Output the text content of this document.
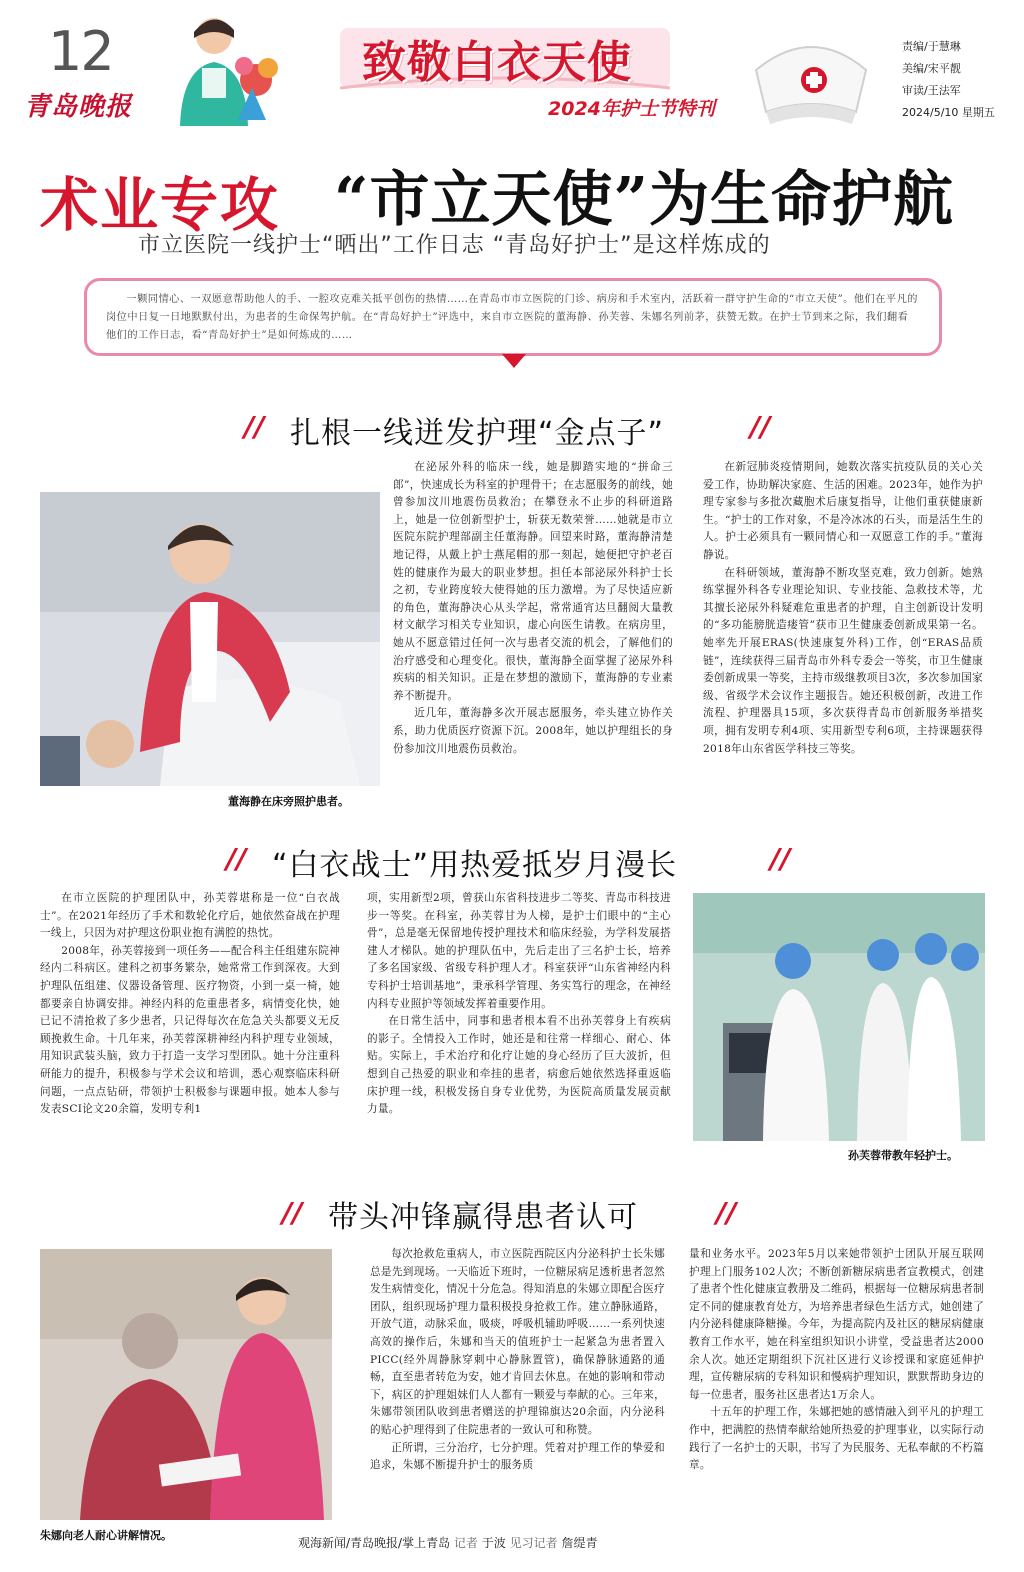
12
青岛晚报
致敬白衣天使
2024年护士节特刊
责编/于慧琳
美编/宋平靓
审读/王法军
2024/5/10 星期五
术业专攻 “市立天使”为生命护航
市立医院一线护士“晒出”工作日志 “青岛好护士”是这样炼成的
一颗同情心、一双愿意帮助他人的手、一腔攻克难关抵平创伤的热情……在青岛市市立医院的门诊、病房和手术室内，活跃着一群守护生命的“市立天使”。他们在平凡的岗位中日复一日地默默付出，为患者的生命保驾护航。在“青岛好护士”评选中，来自市立医院的董海静、孙芙蓉、朱娜名列前茅，获赞无数。在护士节到来之际，我们翻看他们的工作日志，看“青岛好护士”是如何炼成的……
// 扎根一线迸发护理“金点子”	//
董海静在床旁照护患者。

在泌尿外科的临床一线，她是脚踏实地的“拼命三郎”，快速成长为科室的护理骨干；在志愿服务的前线，她曾参加汶川地震伤员救治；在攀登永不止步的科研道路上，她是一位创新型护士，斩获无数荣誉……她就是市立医院东院护理部副主任董海静。回望来时路，董海静清楚地记得，从戴上护士燕尾帽的那一刻起，她便把守护老百姓的健康作为最大的职业梦想。担任本部泌尿外科护士长之初，专业跨度较大使得她的压力激增。为了尽快适应新的角色，董海静决心从头学起，常常通宵达旦翻阅大量教材文献学习相关专业知识，虚心向医生请教。在病房里，她从不愿意错过任何一次与患者交流的机会，了解他们的治疗感受和心理变化。很快，董海静全面掌握了泌尿外科疾病的相关知识。正是在梦想的激励下，董海静的专业素养不断提升。

近几年，董海静多次开展志愿服务，牵头建立协作关系，助力优质医疗资源下沉。2008年，她以护理组长的身份参加汶川地震伤员救治。

在新冠肺炎疫情期间，她数次落实抗疫队员的关心关爱工作，协助解决家庭、生活的困难。2023年，她作为护理专家参与多批次藏胞术后康复指导，让他们重获健康新生。“护士的工作对象，不是冷冰冰的石头，而是活生生的人。护士必须具有一颗同情心和一双愿意工作的手。”董海静说。

在科研领域，董海静不断攻坚克难，致力创新。她熟练掌握外科各专业理论知识、专业技能、急救技术等，尤其擅长泌尿外科疑难危重患者的护理，自主创新设计发明的“多功能膀胱造瘘管”获市卫生健康委创新成果第一名。她率先开展ERAS(快速康复外科)工作，创“ERAS品质链”，连续获得三届青岛市外科专委会一等奖，市卫生健康委创新成果一等奖，主持市级继教项目3次，多次参加国家级、省级学术会议作主题报告。她还积极创新，改进工作流程、护理器具15项，多次获得青岛市创新服务举措奖项，拥有发明专利4项、实用新型专利6项，主持课题获得2018年山东省医学科技三等奖。

// “白衣战士”用热爱抵岁月漫长	//

在市立医院的护理团队中，孙芙蓉堪称是一位“白衣战士”。在2021年经历了手术和数轮化疗后，她依然奋战在护理一线上，只因为对护理这份职业抱有满腔的热忱。

2008年，孙芙蓉接到一项任务——配合科主任组建东院神经内二科病区。建科之初事务繁杂，她常常工作到深夜。大到护理队伍组建、仪器设备管理、医疗物资，小到一桌一椅，她都要亲自协调安排。神经内科的危重患者多，病情变化快，她已记不清抢救了多少患者，只记得每次在危急关头都要义无反顾挽救生命。十几年来，孙芙蓉深耕神经内科护理专业领域，用知识武装头脑，致力于打造一支学习型团队。她十分注重科研能力的提升，积极参与学术会议和培训，悉心观察临床科研问题，一点点钻研，带领护士积极参与课题申报。她本人参与发表SCI论文20余篇，发明专利1

项，实用新型2项，曾获山东省科技进步二等奖、青岛市科技进步一等奖。在科室，孙芙蓉甘为人梯，是护士们眼中的“主心骨”，总是毫无保留地传授护理技术和临床经验，为学科发展搭建人才梯队。她的护理队伍中，先后走出了三名护士长，培养了多名国家级、省级专科护理人才。科室获评“山东省神经内科专科护士培训基地”，秉承科学管理、务实笃行的理念，在神经内科专业照护等领域发挥着重要作用。

在日常生活中，同事和患者根本看不出孙芙蓉身上有疾病的影子。全情投入工作时，她还是和往常一样细心、耐心、体贴。实际上，手术治疗和化疗让她的身心经历了巨大波折，但想到自己热爱的职业和牵挂的患者，病愈后她依然选择重返临床护理一线，积极发扬自身专业优势，为医院高质量发展贡献力量。

孙芙蓉带教年轻护士。
// 带头冲锋赢得患者认可	//
朱娜向老人耐心讲解情况。

每次抢救危重病人，市立医院西院区内分泌科护士长朱娜总是先到现场。一天临近下班时，一位糖尿病足透析患者忽然发生病情变化，情况十分危急。得知消息的朱娜立即配合医疗团队，组织现场护理力量积极投身抢救工作。建立静脉通路，开放气道，动脉采血，吸痰，呼吸机辅助呼吸……一系列快速高效的操作后，朱娜和当天的值班护士一起紧急为患者置入PICC(经外周静脉穿刺中心静脉置管)，确保静脉通路的通畅，直至患者转危为安，她才肯回去休息。在她的影响和带动下，病区的护理姐妹们人人都有一颗爱与奉献的心。三年来，朱娜带领团队收到患者赠送的护理锦旗达20余面，内分泌科的贴心护理得到了住院患者的一致认可和称赞。

正所谓，三分治疗，七分护理。凭着对护理工作的挚爱和追求，朱娜不断提升护士的服务质

量和业务水平。2023年5月以来她带领护士团队开展互联网护理上门服务102人次；不断创新糖尿病患者宣教模式，创建了患者个性化健康宣教册及二维码，根据每一位糖尿病患者制定不同的健康教育处方，为培养患者绿色生活方式，她创建了内分泌科健康降糖操。今年，为提高院内及社区的糖尿病健康教育工作水平，她在科室组织知识小讲堂，受益患者达2000余人次。她还定期组织下沉社区进行义诊授课和家庭延伸护理，宣传糖尿病的专科知识和慢病护理知识，默默帮助身边的每一位患者，服务社区患者达1万余人。

十五年的护理工作，朱娜把她的感情融入到平凡的护理工作中，把满腔的热情奉献给她所热爱的护理事业，以实际行动践行了一名护士的天职，书写了为民服务、无私奉献的不朽篇章。

观海新闻/青岛晚报/掌上青岛 记者 于波 见习记者 詹缇青
